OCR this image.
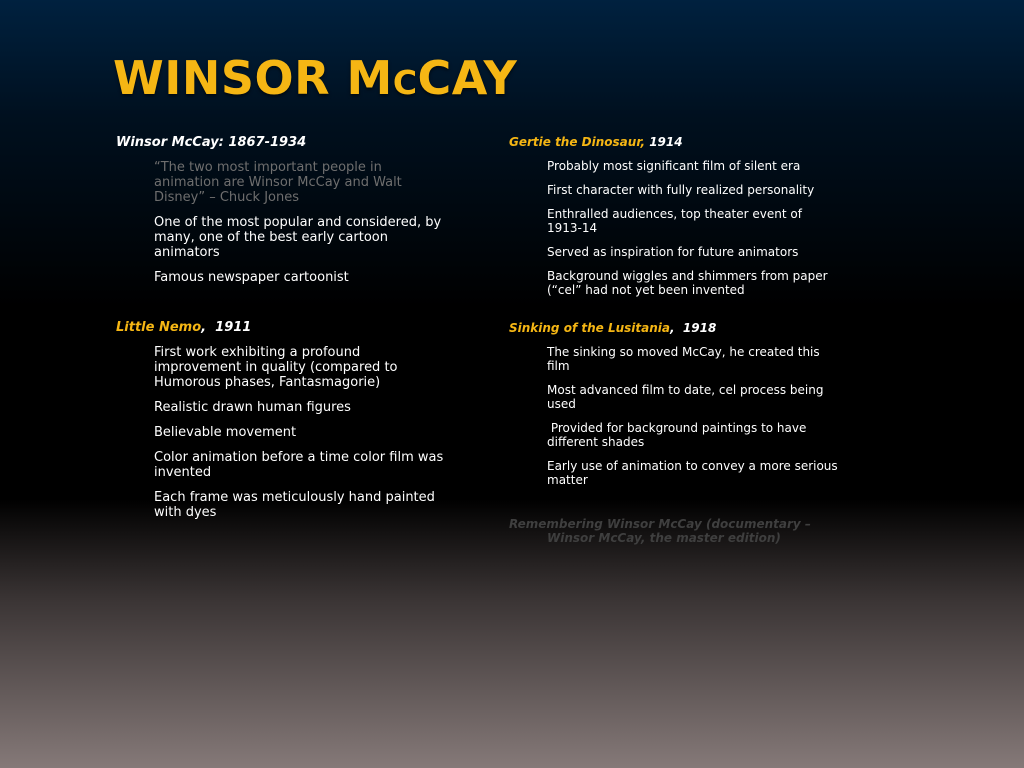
WINSOR MCCAY
Winsor McCay: 1867-1934
“The two most important people in animation are Winsor McCay and Walt Disney” – Chuck Jones
One of the most popular and considered, by many, one of the best early cartoon animators
Famous newspaper cartoonist
Little Nemo,  1911
First work exhibiting a profound improvement in quality (compared to Humorous phases, Fantasmagorie)
Realistic drawn human figures
Believable movement
Color animation before a time color film was invented
Each frame was meticulously hand painted with dyes
Gertie the Dinosaur, 1914
Probably most significant film of silent era
First character with fully realized personality
Enthralled audiences, top theater event of 1913-14
Served as inspiration for future animators
Background wiggles and shimmers from paper (“cel” had not yet been invented
Sinking of the Lusitania,  1918
The sinking so moved McCay, he created this film
Most advanced film to date, cel process being used
Provided for background paintings to have different shades
Early use of animation to convey a more serious matter
Remembering Winsor McCay (documentary – Winsor McCay, the master edition)
